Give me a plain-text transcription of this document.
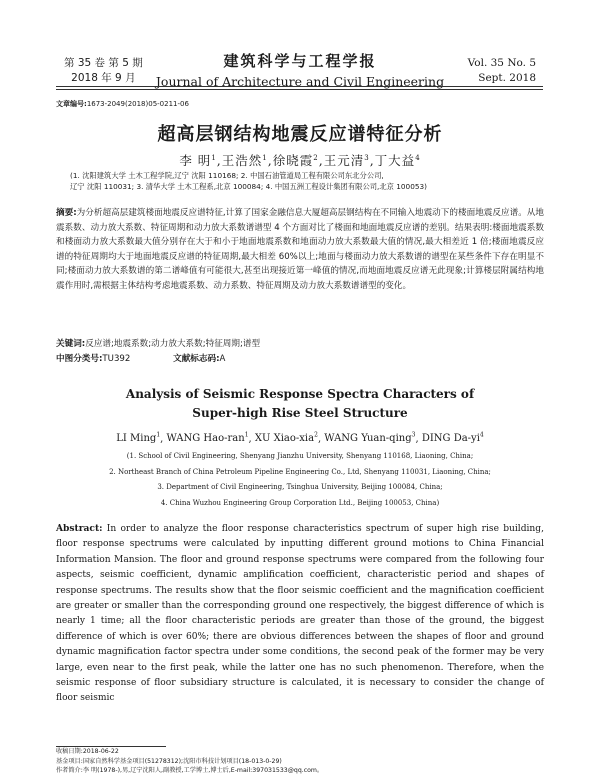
第 35 卷 第 5 期
2018 年 9 月
建筑科学与工程学报
Journal of Architecture and Civil Engineering
Vol. 35 No. 5
Sept. 2018
文章编号:1673-2049(2018)05-0211-06
超高层钢结构地震反应谱特征分析
李 明$^1$,王浩然$^1$,徐晓霞$^2$,王元清$^3$,丁大益$^4$
(1. 沈阳建筑大学 土木工程学院,辽宁 沈阳 110168; 2. 中国石油管道局工程有限公司东北分公司,
辽宁 沈阳 110031; 3. 清华大学 土木工程系,北京 100084; 4. 中国五洲工程设计集团有限公司,北京 100053)
摘要:为分析超高层建筑楼面地震反应谱特征,计算了国家金融信息大厦超高层钢结构在不同输入地震动下的楼面地震反应谱。从地震系数、动力放大系数、特征周期和动力放大系数谱谱型 4 个方面对比了楼面和地面地震反应谱的差别。结果表明:楼面地震系数和楼面动力放大系数最大值分别存在大于和小于地面地震系数和地面动力放大系数最大值的情况,最大相差近 1 倍;楼面地震反应谱的特征周期均大于地面地震反应谱的特征周期,最大相差 60%以上;地面与楼面动力放大系数谱的谱型在某些条件下存在明显不同;楼面动力放大系数谱的第二谱峰值有可能很大,甚至出现接近第一峰值的情况,而地面地震反应谱无此现象;计算楼层附属结构地震作用时,需根据主体结构考虑地震系数、动力系数、特征周期及动力放大系数谱谱型的变化。
关键词:反应谱;地震系数;动力放大系数;特征周期;谱型
中图分类号:TU392	文献标志码:A
Analysis of Seismic Response Spectra Characters of
Super-high Rise Steel Structure
LI Ming$^1$, WANG Hao-ran$^1$, XU Xiao-xia$^2$, WANG Yuan-qing$^3$, DING $Da-yi^4$
(1. School of Civil Engineering, Shenyang Jianzhu University, Shenyang 110168, Liaoning, China;
2. Northeast Branch of China Petroleum Pipeline Engineering Co., Ltd, Shenyang 110031, Liaoning, China;
3. Department of Civil Engineering, Tsinghua University, Beijing 100084, China;
4. China Wuzhou Engineering Group Corporation Ltd., Beijing 100053, China)
Abstract: In order to analyze the floor response characteristics spectrum of super high rise building, floor response spectrums were calculated by inputting different ground motions to China Financial Information Mansion. The floor and ground response spectrums were compared from the following four aspects, seismic coefficient, dynamic amplification coefficient, characteristic period and shapes of response spectrums. The results show that the floor seismic coefficient and the magnification coefficient are greater or smaller than the corresponding ground one respectively, the biggest difference of which is nearly 1 time; all the floor characteristic periods are greater than those of the ground, the biggest difference of which is over 60%; there are obvious differences between the shapes of floor and ground dynamic magnification factor spectra under some conditions, the second peak of the former may be very large, even near to the first peak, while the latter one has no such phenomenon. Therefore, when the seismic response of floor subsidiary structure is calculated, it is necessary to consider the change of floor seismic
收稿日期:2018-06-22
基金项目:国家自然科学基金项目(51278312);沈阳市科技计划项目(18-013-0-29)
作者简介:李 明(1978-),男,辽宁沈阳人,副教授,工学博士,博士后,E-mail:397031533@qq.com。
